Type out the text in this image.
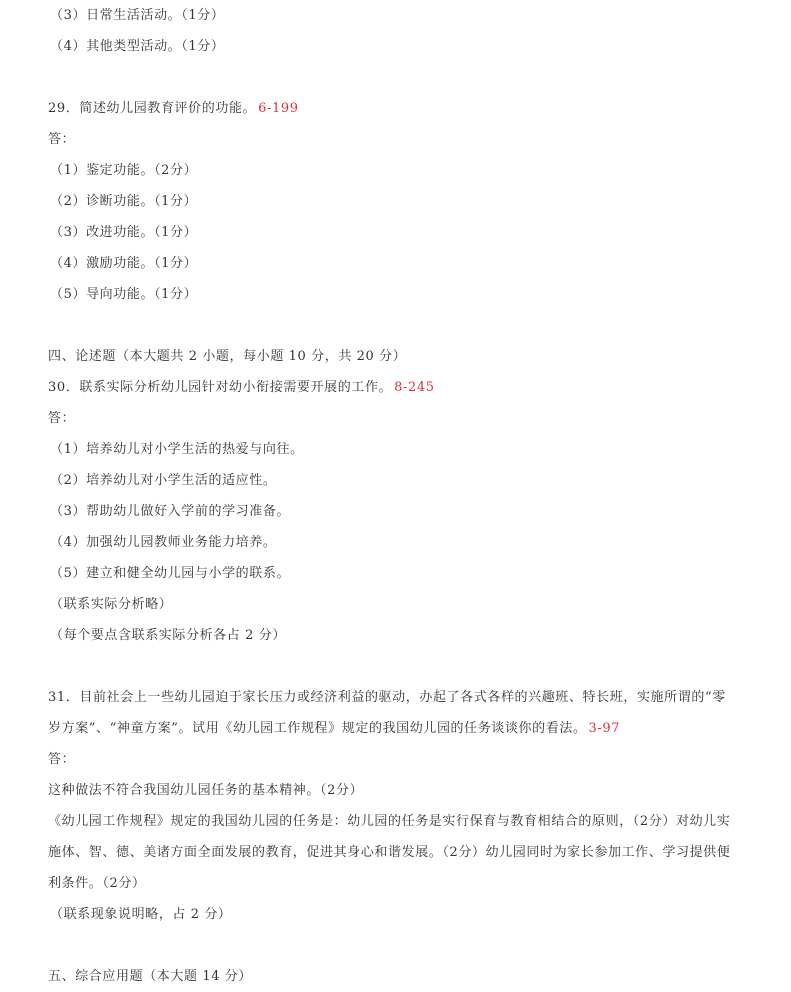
（3）日常生活活动。（1分）
（4）其他类型活动。（1分）
29．简述幼儿园教育评价的功能。 6-199
答：
（1）鉴定功能。（2分）
（2）诊断功能。（1分）
（3）改进功能。（1分）
（4）激励功能。（1分）
（5）导向功能。（1分）
四、论述题（本大题共 2 小题，每小题 10 分，共 20 分）
30．联系实际分析幼儿园针对幼小衔接需要开展的工作。 8-245
答：
（1）培养幼儿对小学生活的热爱与向往。
（2）培养幼儿对小学生活的适应性。
（3）帮助幼儿做好入学前的学习准备。
（4）加强幼儿园教师业务能力培养。
（5）建立和健全幼儿园与小学的联系。
（联系实际分析略）
（每个要点含联系实际分析各占 2 分）
31．目前社会上一些幼儿园迫于家长压力或经济利益的驱动，办起了各式各样的兴趣班、特长班，实施所谓的“零
岁方案”、“神童方案”。试用《幼儿园工作规程》规定的我国幼儿园的任务谈谈你的看法。 3-97
答：
这种做法不符合我国幼儿园任务的基本精神。（2分）
《幼儿园工作规程》规定的我国幼儿园的任务是：幼儿园的任务是实行保育与教育相结合的原则，（2分）对幼儿实
施体、智、德、美诸方面全面发展的教育，促进其身心和谐发展。（2分）幼儿园同时为家长参加工作、学习提供便
利条件。（2分）
（联系现象说明略，占 2 分）
五、综合应用题（本大题 14 分）
